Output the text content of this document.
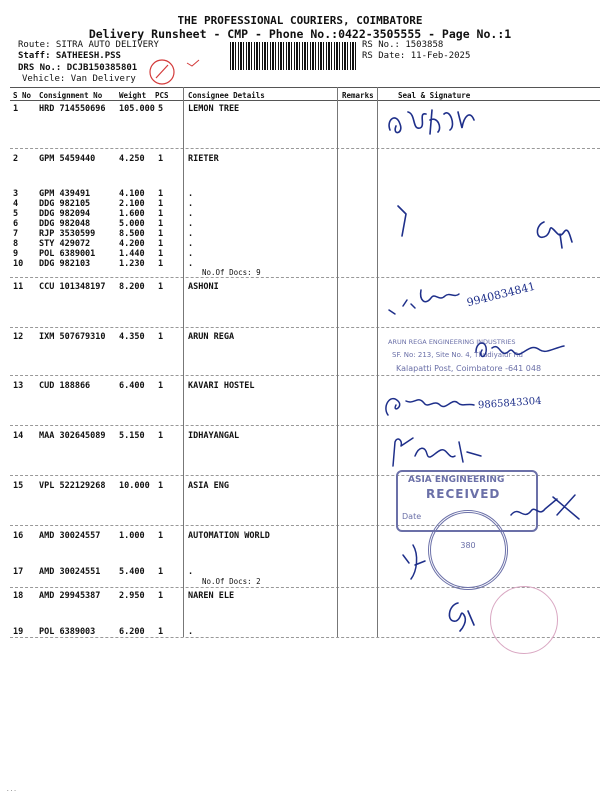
THE PROFESSIONAL COURIERS, COIMBATORE
Delivery Runsheet - CMP - Phone No.:0422-3505555 - Page No.:1
Route: SITRA AUTO DELIVERY
Staff: SATHEESH.PSS
DRS No.: DCJB150385801
Vehicle: Van Delivery
RS No.: 1503858
RS Date: 11-Feb-2025
S No Consignment No Weight PCS	Consignee Details	Remarks	Seal & Signature
1 HRD 714550696 105.000 5	LEMON TREE
2 GPM 5459440	4.250 1	RIETER
3 GPM 439491	4.100 1	.
4 DDG 982105	2.100 1	.
5 DDG 982094	1.600 1	.
6 DDG 982048	5.000 1	.
7 RJP 3530599	8.500 1	.
8 STY 429072	4.200 1	.
9 POL 6389001	1.440 1	.
10 DDG 982103	1.230 1	.
No.Of Docs: 9
11 CCU 101348197 8.200 1	ASHONI
12 IXM 507679310 4.350 1	ARUN REGA
13 CUD 188866	6.400 1	KAVARI HOSTEL
14 MAA 302645089 5.150 1	IDHAYANGAL
15 VPL 522129268 10.000 1	ASIA ENG
16 AMD 30024557 1.000 1	AUTOMATION WORLD
17 AMD 30024551 5.400 1	.
No.Of Docs: 2
18 AMD 29945387 2.950 1	NAREN ELE
19 POL 6389003	6.200 1	.
9940834841
ARUN REGA ENGINEERING INDUSTRIES
SF. No: 213, Site No. 4, Thudiyalur Rd
Kalapatti Post, Coimbatore -641 048
9865843304
ASIA ENGINEERING
RECEIVED
Date
380
...
